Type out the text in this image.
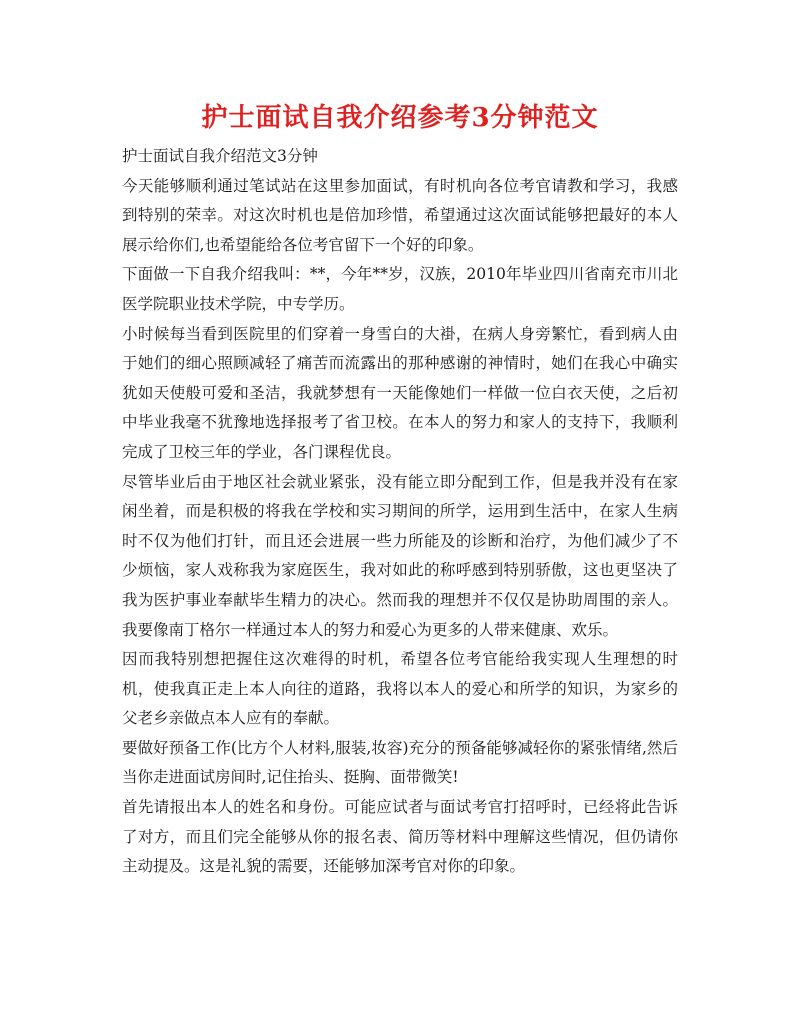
护士面试自我介绍参考3分钟范文

护士面试自我介绍范文3分钟

今天能够顺利通过笔试站在这里参加面试，有时机向各位考官请教和学习，我感到特别的荣幸。对这次时机也是倍加珍惜，希望通过这次面试能够把最好的本人展示给你们,也希望能给各位考官留下一个好的印象。

下面做一下自我介绍我叫：**，今年**岁，汉族，2010年毕业四川省南充市川北医学院职业技术学院，中专学历。

小时候每当看到医院里的们穿着一身雪白的大褂，在病人身旁繁忙，看到病人由于她们的细心照顾减轻了痛苦而流露出的那种感谢的神情时，她们在我心中确实犹如天使般可爱和圣洁，我就梦想有一天能像她们一样做一位白衣天使，之后初中毕业我毫不犹豫地选择报考了省卫校。在本人的努力和家人的支持下，我顺利完成了卫校三年的学业，各门课程优良。

尽管毕业后由于地区社会就业紧张，没有能立即分配到工作，但是我并没有在家闲坐着，而是积极的将我在学校和实习期间的所学，运用到生活中，在家人生病时不仅为他们打针，而且还会进展一些力所能及的诊断和治疗，为他们减少了不少烦恼，家人戏称我为家庭医生，我对如此的称呼感到特别骄傲，这也更坚决了我为医护事业奉献毕生精力的决心。然而我的理想并不仅仅是协助周围的亲人。我要像南丁格尔一样通过本人的努力和爱心为更多的人带来健康、欢乐。

因而我特别想把握住这次难得的时机，希望各位考官能给我实现人生理想的时机，使我真正走上本人向往的道路，我将以本人的爱心和所学的知识，为家乡的父老乡亲做点本人应有的奉献。

要做好预备工作(比方个人材料,服装,妆容)充分的预备能够减轻你的紧张情绪,然后当你走进面试房间时,记住抬头、挺胸、面带微笑!

首先请报出本人的姓名和身份。可能应试者与面试考官打招呼时，已经将此告诉了对方，而且们完全能够从你的报名表、简历等材料中理解这些情况，但仍请你主动提及。这是礼貌的需要，还能够加深考官对你的印象。
